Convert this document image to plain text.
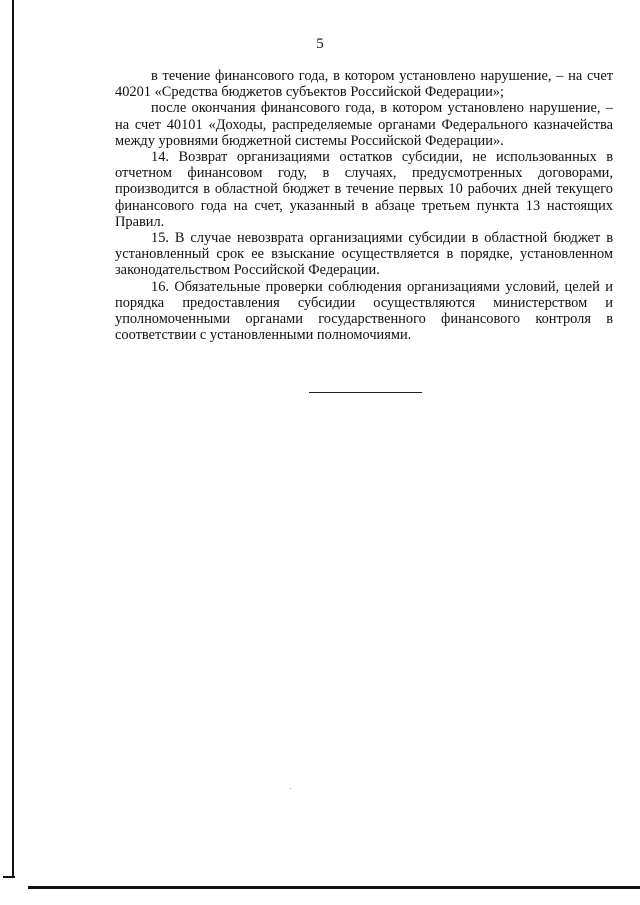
5

в течение финансового года, в котором установлено нарушение, – на счет 40201 «Средства бюджетов субъектов Российской Федерации»;

после окончания финансового года, в котором установлено нарушение, – на счет 40101 «Доходы, распределяемые органами Федерального казначейства между уровнями бюджетной системы Российской Федерации».

14. Возврат организациями остатков субсидии, не использованных в отчетном финансовом году, в случаях, предусмотренных договорами, производится в областной бюджет в течение первых 10 рабочих дней текущего финансового года на счет, указанный в абзаце третьем пункта 13 настоящих Правил.

15. В случае невозврата организациями субсидии в областной бюджет в установленный срок ее взыскание осуществляется в порядке, установленном законодательством Российской Федерации.

16. Обязательные проверки соблюдения организациями условий, целей и порядка предоставления субсидии осуществляются министерством и уполномоченными органами государственного финансового контроля в соответствии с установленными полномочиями.
